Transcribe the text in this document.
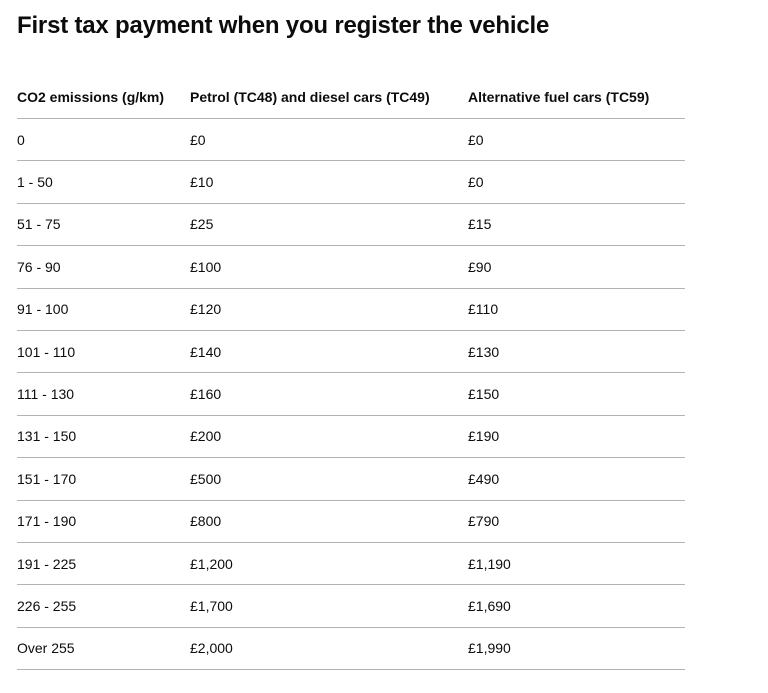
First tax payment when you register the vehicle
CO2 emissions (g/km)	Petrol (TC48) and diesel cars (TC49)	Alternative fuel cars (TC59)
0	£0	£0
1 - 50	£10	£0
51 - 75	£25	£15
76 - 90	£100	£90
91 - 100	£120	£110
101 - 110	£140	£130
111 - 130	£160	£150
131 - 150	£200	£190
151 - 170	£500	£490
171 - 190	£800	£790
191 - 225	£1,200	£1,190
226 - 255	£1,700	£1,690
Over 255	£2,000	£1,990
